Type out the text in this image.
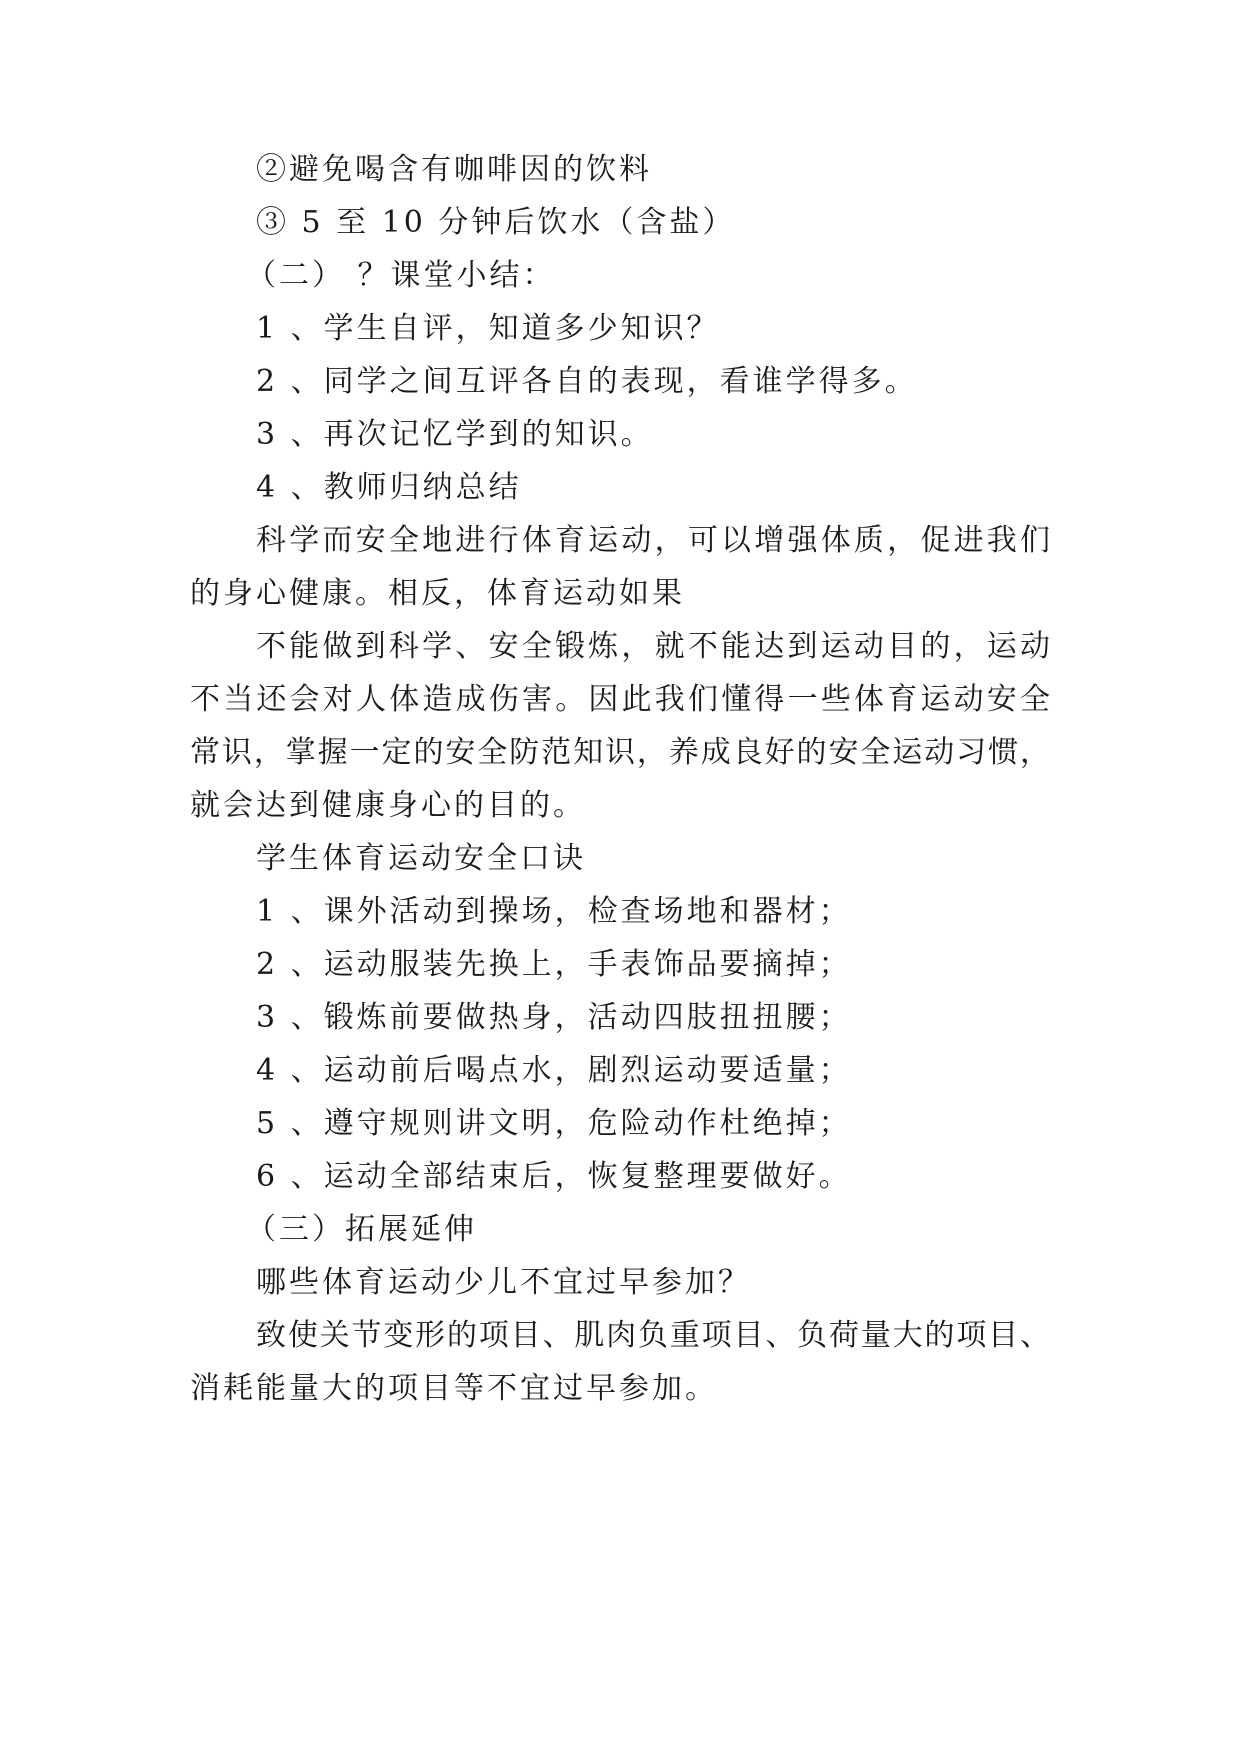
②避免喝含有咖啡因的饮料
③ 5 至 10 分钟后饮水（含盐）
（二） ？课堂小结：
1 、学生自评，知道多少知识？
2 、同学之间互评各自的表现，看谁学得多。
3 、再次记忆学到的知识。
4 、教师归纳总结
科学而安全地进行体育运动，可以增强体质，促进我们
的身心健康。相反，体育运动如果
不能做到科学、安全锻炼，就不能达到运动目的，运动
不当还会对人体造成伤害。因此我们懂得一些体育运动安全
常识，掌握一定的安全防范知识，养成良好的安全运动习惯，
就会达到健康身心的目的。
学生体育运动安全口诀
1 、课外活动到操场，检查场地和器材；
2 、运动服装先换上，手表饰品要摘掉；
3 、锻炼前要做热身，活动四肢扭扭腰；
4 、运动前后喝点水，剧烈运动要适量；
5 、遵守规则讲文明，危险动作杜绝掉；
6 、运动全部结束后，恢复整理要做好。
（三）拓展延伸
哪些体育运动少儿不宜过早参加？
致使关节变形的项目、肌肉负重项目、负荷量大的项目、
消耗能量大的项目等不宜过早参加。
